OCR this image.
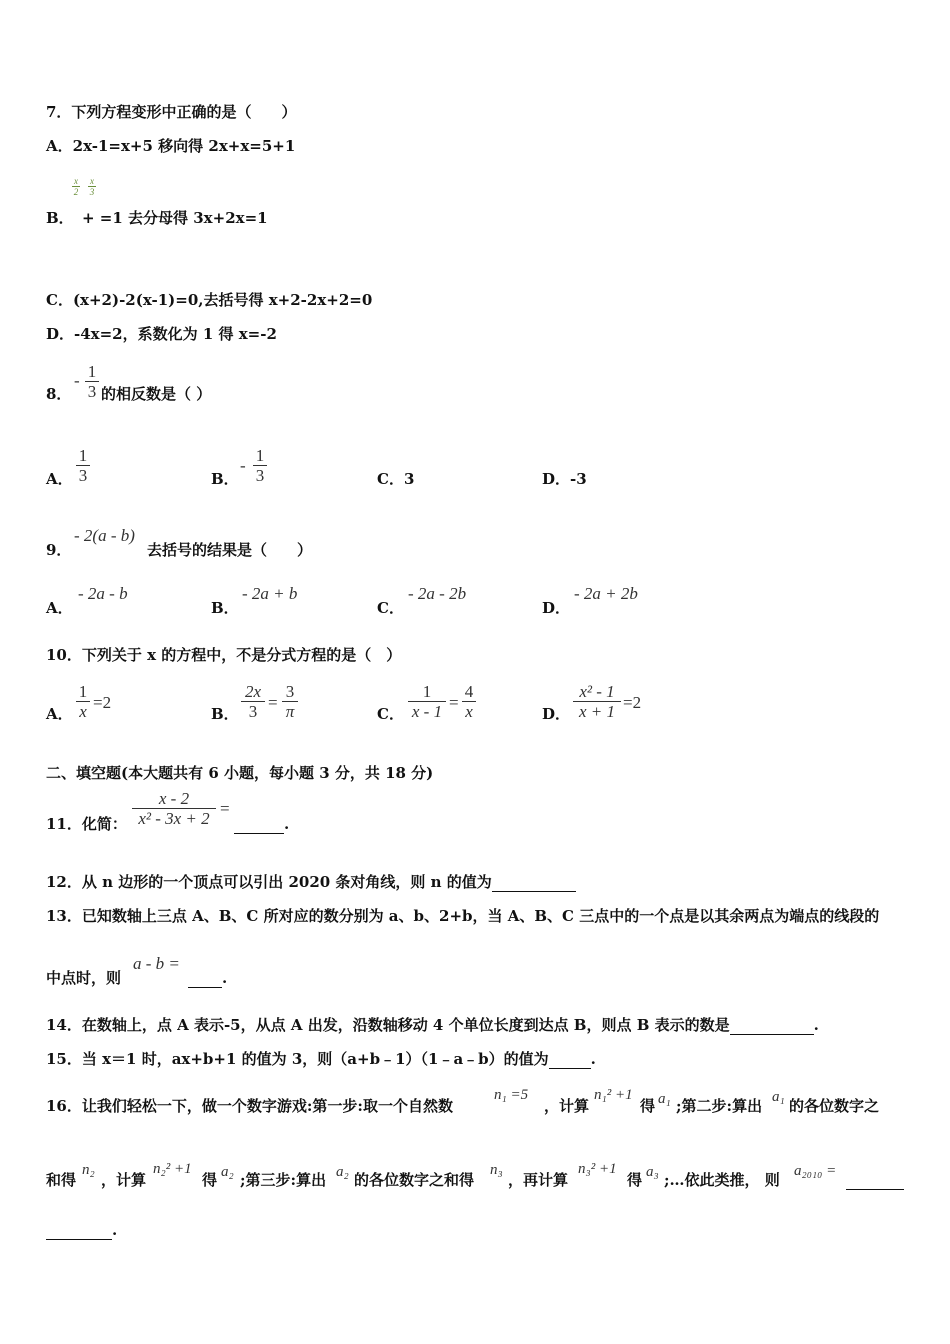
7．下列方程变形中正确的是（　　）
A．2x-1=x+5 移向得 2x+x=5+1
x
2
x
3
B． + =1 去分母得 3x+2x=1
C．(x+2)-2(x-1)=0,去括号得 x+2-2x+2=0
D．-4x=2，系数化为 1 得 x=-2
8．
- 1
3 的相反数是（ ）
A．
1
3	B．
-
1
3	C．3	D．-3
9．
- 2(a - b)
去括号的结果是（　　）
A．
- 2a - b
B．
- 2a + b
C．
- 2a - 2b
D．
- 2a + 2b
10．下列关于 x 的方程中，不是分式方程的是（　）
A．
1
x =2
B．
2x
3 =
3
π	C．
1
x - 1 =
4
x	D．
x² - 1
x + 1 =2
二、填空题(本大题共有 6 小题，每小题 3 分，共 18 分)
11．化简：
x - 2
x² - 3x + 2
=
.
12．从 n 边形的一个顶点可以引出 2020 条对角线，则 n 的值为
13．已知数轴上三点 A、B、C 所对应的数分别为 a、b、2+b，当 A、B、C 三点中的一个点是以其余两点为端点的线段的
中点时，则
a - b =
.
14．在数轴上，点 A 表示-5，从点 A 出发，沿数轴移动 4 个单位长度到达点 B，则点 B 表示的数是	.
15．当 x＝1 时，ax+b+1 的值为 3，则（a+b﹣1）（1﹣a﹣b）的值为	.
16．让我们轻松一下，做一个数字游戏:第一步:取一个自然数
n₁ =5
，计算
n₁² +1
得 a₁ ;第二步:算出 a₁ 的各位数字之
和得
n₂
，计算
n₂² +1
得 a₂ ;第三步:算出 a₂ 的各位数字之和得
n₃
，再计算
n₃² +1
得 a₃ ;…依此类推， 则 a₂₀₁₀ =

.
